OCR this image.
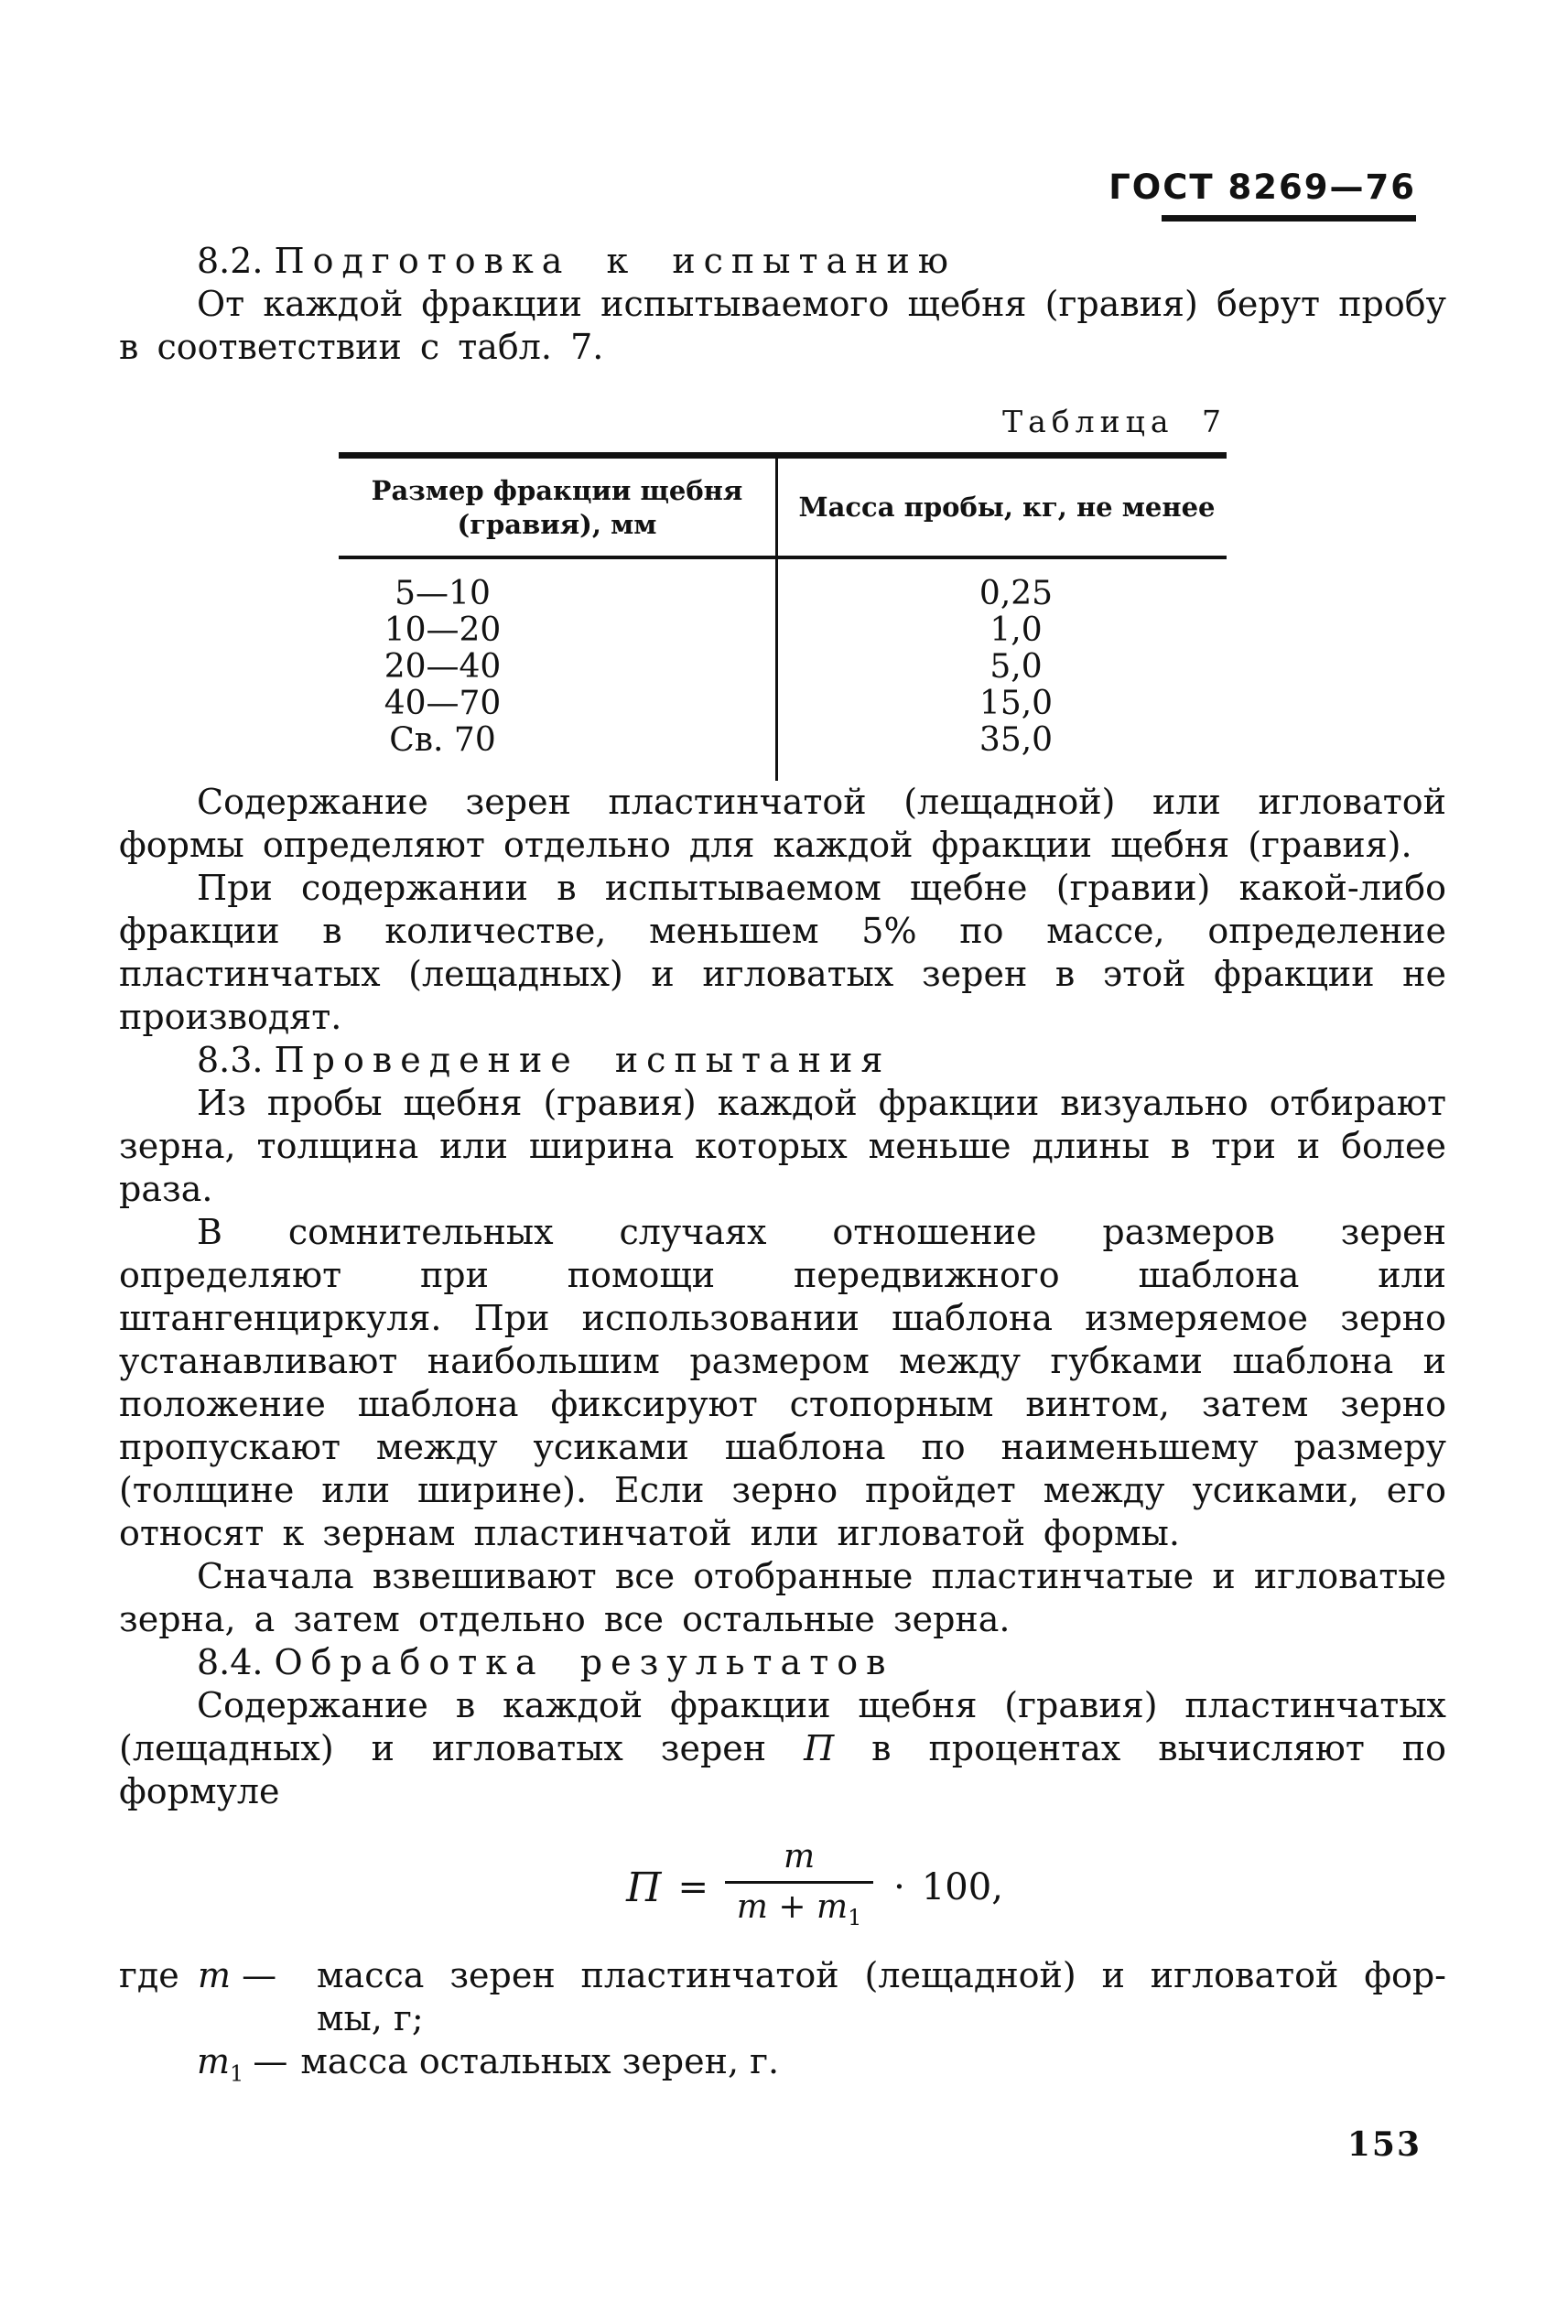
ГОСТ 8269—76
8.2. Подготовка к испытанию

От каждой фракции испытываемого щебня (гравия) берут пробу в соответствии с табл. 7.

Таблица 7
Размер фракции щебня
(гравия), мм
Масса пробы, кг, не менее
5—10
10—20
20—40
40—70
Св. 70
0,25
1,0
5,0
15,0
35,0

Содержание зерен пластинчатой (лещадной) или игловатой формы определяют отдельно для каждой фракции щебня (гравия).

При содержании в испытываемом щебне (гравии) какой-либо фракции в количестве, меньшем 5% по массе, определение пластинчатых (лещадных) и игловатых зерен в этой фракции не производят.

8.3. Проведение испытания

Из пробы щебня (гравия) каждой фракции визуально отбирают зерна, толщина или ширина которых меньше длины в три и более раза.

В сомнительных случаях отношение размеров зерен определяют при помощи передвижного шаблона или штангенциркуля. При использовании шаблона измеряемое зерно устанавливают наибольшим размером между губками шаблона и положение шаблона фиксируют стопорным винтом, затем зерно пропускают между усиками шаблона по наименьшему размеру (толщине или ширине). Если зерно пройдет между усиками, его относят к зернам пластинчатой или игловатой формы.

Сначала взвешивают все отобранные пластинчатые и игловатые зерна, а затем отдельно все остальные зерна.

8.4. Обработка результатов

Содержание в каждой фракции щебня (гравия) пластинчатых (лещадных) и игловатых зерен П в процентах вычисляют по формуле

$П = \frac{m}{m + m_1} \cdot 100$,
где m —	масса зерен пластинчатой (лещадной) и игловатой фор-
мы, г;
$m_1$ — масса остальных зерен, г.
153
